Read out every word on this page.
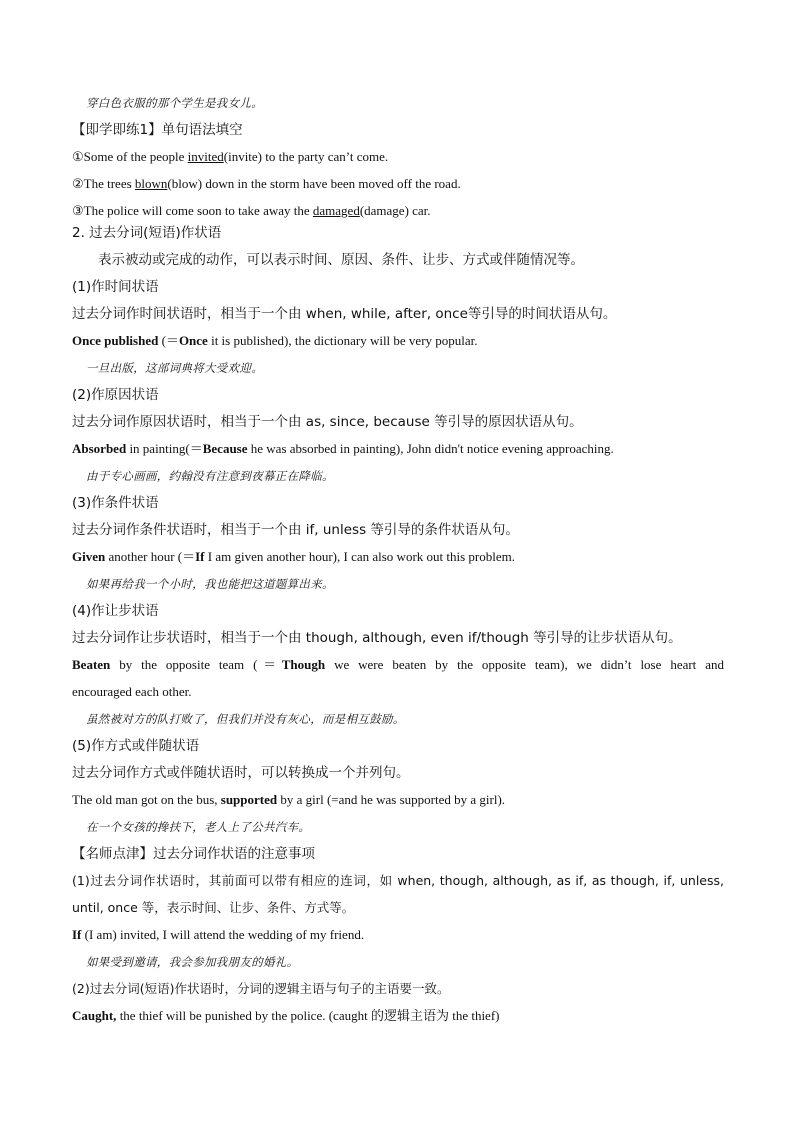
穿白色衣服的那个学生是我女儿。
【即学即练1】单句语法填空
①Some of the people invited(invite) to the party can’t come.
②The trees blown(blow) down in the storm have been moved off the road.
③The police will come soon to take away the damaged(damage) car.
2. 过去分词(短语)作状语
表示被动或完成的动作，可以表示时间、原因、条件、让步、方式或伴随情况等。
(1)作时间状语
过去分词作时间状语时，相当于一个由 when, while, after, once等引导的时间状语从句。
Once published (＝Once it is published), the dictionary will be very popular.
一旦出版，这部词典将大受欢迎。
(2)作原因状语
过去分词作原因状语时，相当于一个由 as, since, because 等引导的原因状语从句。
Absorbed in painting(＝Because he was absorbed in painting), John didn't notice evening approaching.
由于专心画画，约翰没有注意到夜幕正在降临。
(3)作条件状语
过去分词作条件状语时，相当于一个由 if, unless 等引导的条件状语从句。
Given another hour (＝If I am given another hour), I can also work out this problem.
如果再给我一个小时，我也能把这道题算出来。
(4)作让步状语
过去分词作让步状语时，相当于一个由 though, although, even if/though 等引导的让步状语从句。
Beaten by the opposite team (＝Though we were beaten by the opposite team), we didn’t lose heart and
encouraged each other.
虽然被对方的队打败了，但我们并没有灰心，而是相互鼓励。
(5)作方式或伴随状语
过去分词作方式或伴随状语时，可以转换成一个并列句。
The old man got on the bus, supported by a girl (=and he was supported by a girl).
在一个女孩的搀扶下，老人上了公共汽车。
【名师点津】过去分词作状语的注意事项
(1)过去分词作状语时，其前面可以带有相应的连词，如 when, though, although, as if, as though, if, unless,
until, once 等，表示时间、让步、条件、方式等。
If (I am) invited, I will attend the wedding of my friend.
如果受到邀请，我会参加我朋友的婚礼。
(2)过去分词(短语)作状语时，分词的逻辑主语与句子的主语要一致。
Caught, the thief will be punished by the police. (caught 的逻辑主语为 the thief)
